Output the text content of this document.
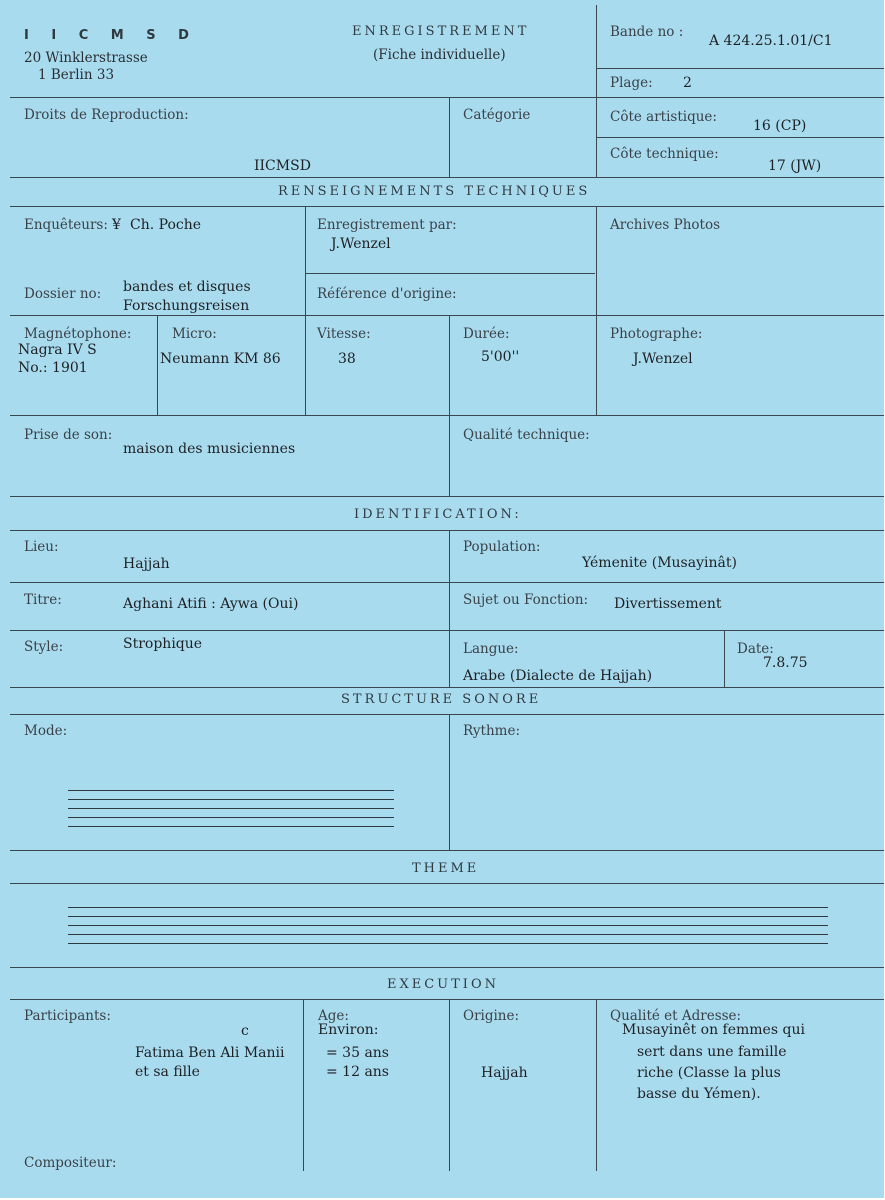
I I C M S D
20 Winklerstrasse
1 Berlin 33
ENREGISTREMENT
(Fiche individuelle)
Bande no :
A 424.25.1.01/C1
Plage: 2
Droits de Reproduction:
IICMSD
Catégorie	Côte artistique:
16 (CP)
Côte technique:
17 (JW)
RENSEIGNEMENTS TECHNIQUES
Enquêteurs: ¥ Ch. Poche	Enregistrement par:
J.Wenzel
Archives Photos
Dossier no: bandes et disques
Forschungsreisen
Référence d'origine:
Magnétophone:
Nagra IV S
No.: 1901
Micro:
Neumann KM 86
Vitesse:
38
Durée:
5'00''
Photographe:
J.Wenzel
Prise de son:
maison des musiciennes
Qualité technique:
IDENTIFICATION:
Lieu:
Hajjah
Population:
Yémenite (Musayinât)
Titre:	Aghani Atifi : Aywa (Oui)	Sujet ou Fonction: Divertissement
Style:	Strophique	Langue:
Arabe (Dialecte de Hajjah)
Date:
7.8.75
STRUCTURE SONORE
Mode:	Rythme:
THEME
EXECUTION
Participants:
c
Fatima Ben Ali Manii
et sa fille
Age:
Environ:
= 35 ans
= 12 ans
Origine:
Hajjah
Qualité et Adresse:
Musayinêt on femmes qui
sert dans une famille
riche (Classe la plus
basse du Yémen).
Compositeur:
